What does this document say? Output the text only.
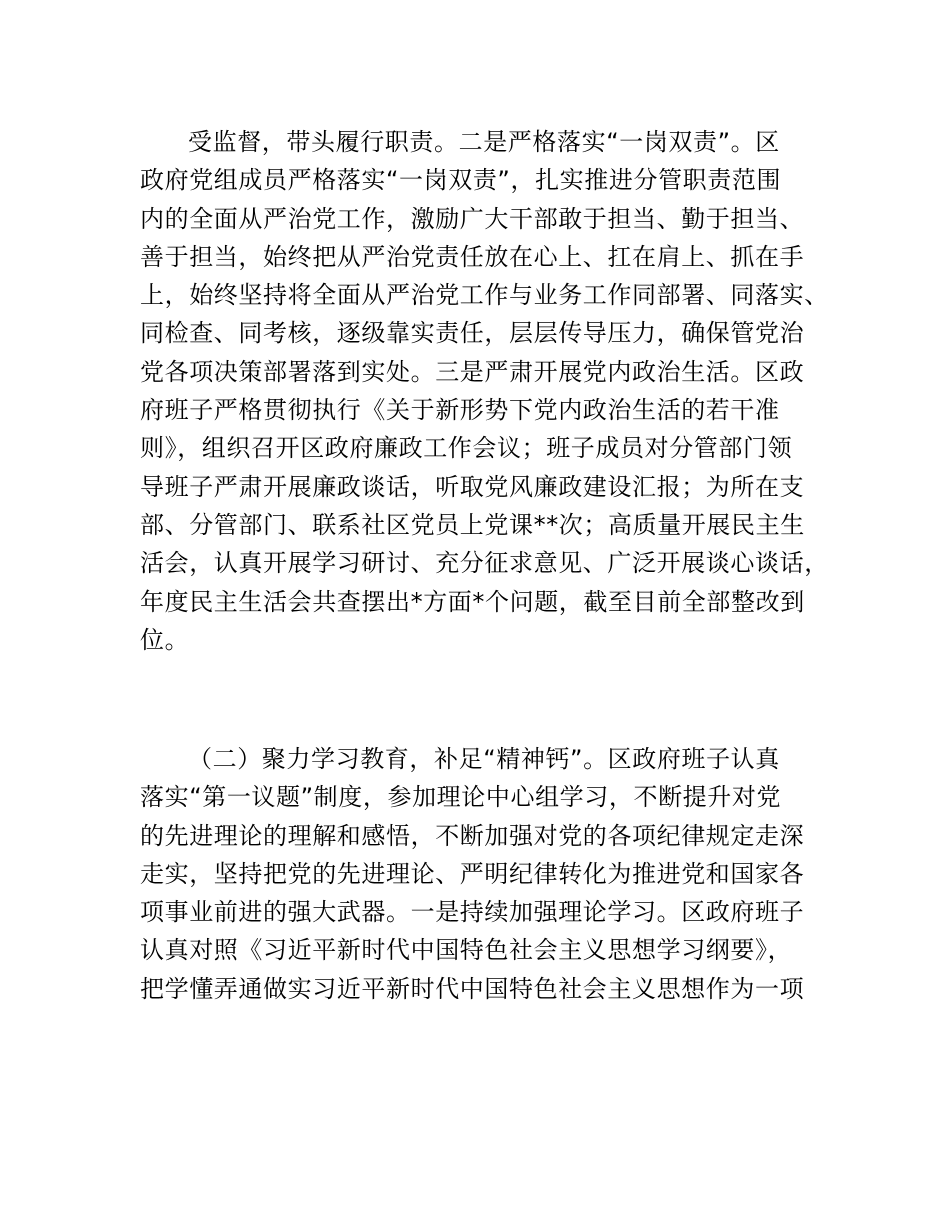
受监督，带头履行职责。二是严格落实“一岗双责”。区
政府党组成员严格落实“一岗双责”，扎实推进分管职责范围
内的全面从严治党工作，激励广大干部敢于担当、勤于担当、
善于担当，始终把从严治党责任放在心上、扛在肩上、抓在手
上，始终坚持将全面从严治党工作与业务工作同部署、同落实、
同检查、同考核，逐级靠实责任，层层传导压力，确保管党治
党各项决策部署落到实处。三是严肃开展党内政治生活。区政
府班子严格贯彻执行《关于新形势下党内政治生活的若干准
则》，组织召开区政府廉政工作会议；班子成员对分管部门领
导班子严肃开展廉政谈话，听取党风廉政建设汇报；为所在支
部、分管部门、联系社区党员上党课**次；高质量开展民主生
活会，认真开展学习研讨、充分征求意见、广泛开展谈心谈话，
年度民主生活会共查摆出*方面*个问题，截至目前全部整改到
位。
（二）聚力学习教育，补足“精神钙”。区政府班子认真
落实“第一议题”制度，参加理论中心组学习，不断提升对党
的先进理论的理解和感悟，不断加强对党的各项纪律规定走深
走实，坚持把党的先进理论、严明纪律转化为推进党和国家各
项事业前进的强大武器。一是持续加强理论学习。区政府班子
认真对照《习近平新时代中国特色社会主义思想学习纲要》，
把学懂弄通做实习近平新时代中国特色社会主义思想作为一项
